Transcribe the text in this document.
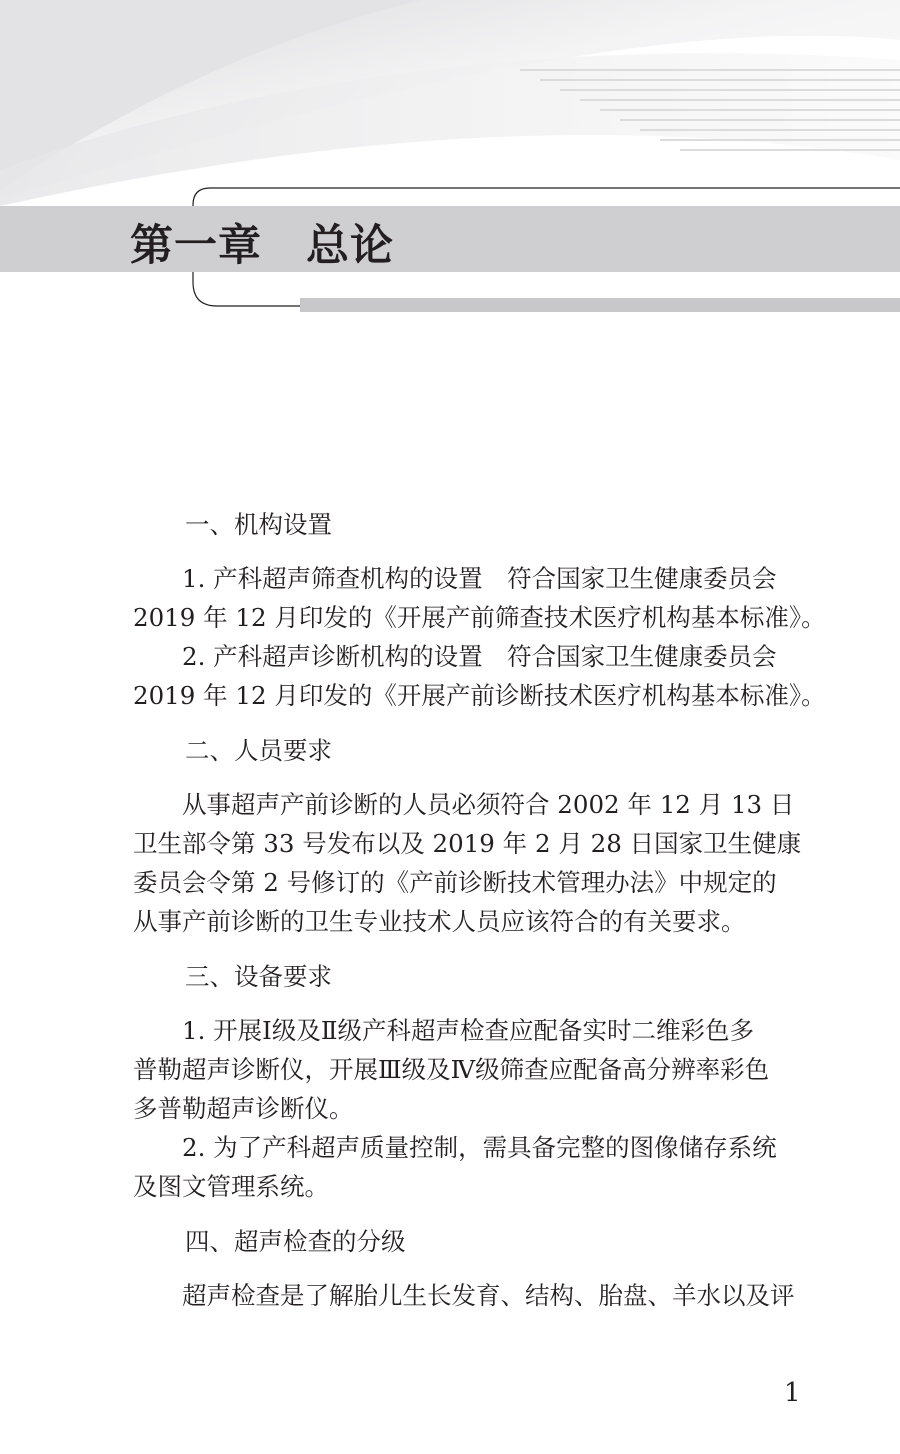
第一章　总论
一、机构设置

1. 产科超声筛查机构的设置　符合国家卫生健康委员会
2019 年 12 月印发的《开展产前筛查技术医疗机构基本标准》。

2. 产科超声诊断机构的设置　符合国家卫生健康委员会
2019 年 12 月印发的《开展产前诊断技术医疗机构基本标准》。

二、人员要求

从事超声产前诊断的人员必须符合 2002 年 12 月 13 日
卫生部令第 33 号发布以及 2019 年 2 月 28 日国家卫生健康
委员会令第 2 号修订的《产前诊断技术管理办法》中规定的
从事产前诊断的卫生专业技术人员应该符合的有关要求。

三、设备要求

1. 开展Ⅰ级及Ⅱ级产科超声检查应配备实时二维彩色多
普勒超声诊断仪，开展Ⅲ级及Ⅳ级筛查应配备高分辨率彩色
多普勒超声诊断仪。

2. 为了产科超声质量控制，需具备完整的图像储存系统
及图文管理系统。

四、超声检查的分级

超声检查是了解胎儿生长发育、结构、胎盘、羊水以及评

1
